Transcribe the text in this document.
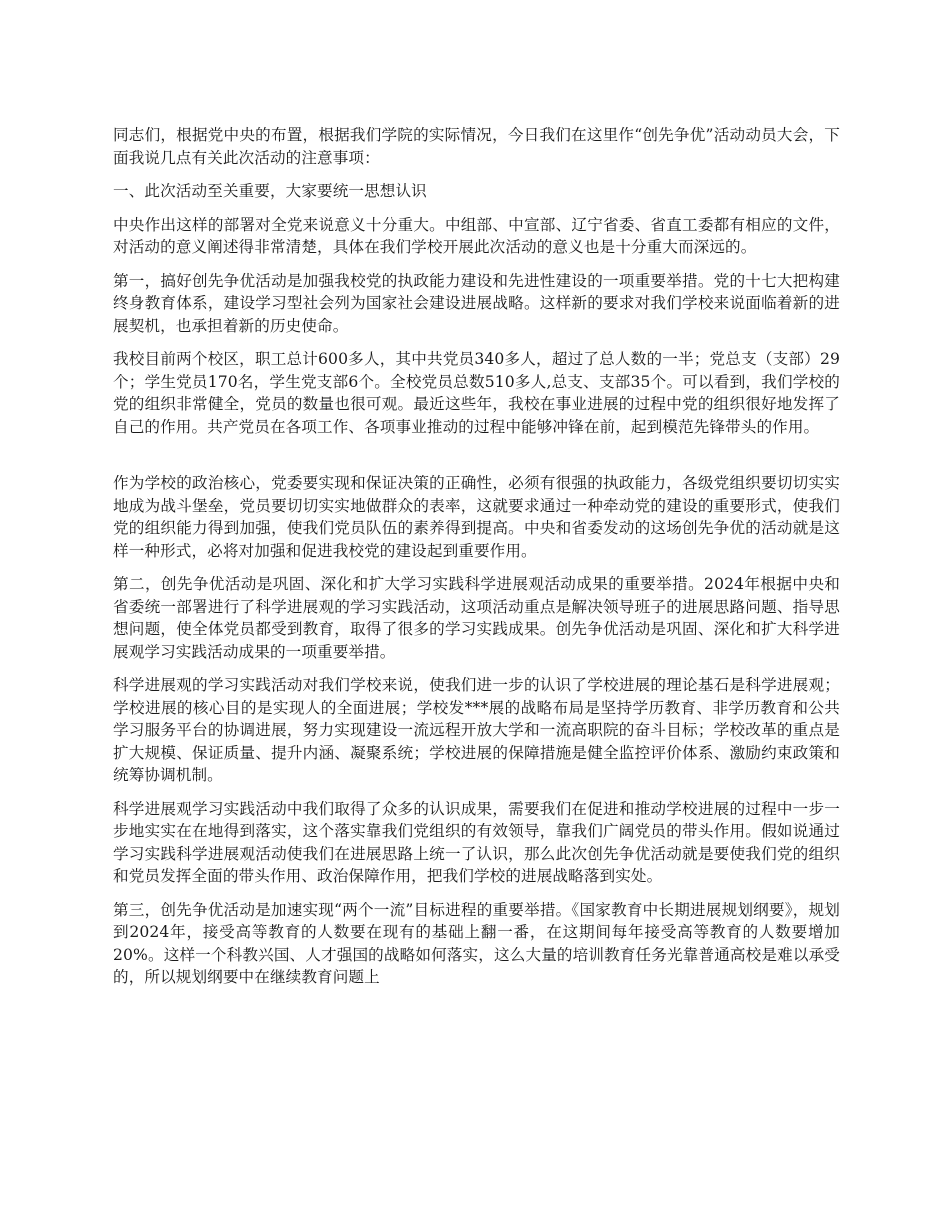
同志们，根据党中央的布置，根据我们学院的实际情况，今日我们在这里作“创先争优”活动动员大会，下面我说几点有关此次活动的注意事项：

一、此次活动至关重要，大家要统一思想认识

中央作出这样的部署对全党来说意义十分重大。中组部、中宣部、辽宁省委、省直工委都有相应的文件，对活动的意义阐述得非常清楚，具体在我们学校开展此次活动的意义也是十分重大而深远的。

第一，搞好创先争优活动是加强我校党的执政能力建设和先进性建设的一项重要举措。党的十七大把构建终身教育体系，建设学习型社会列为国家社会建设进展战略。这样新的要求对我们学校来说面临着新的进展契机，也承担着新的历史使命。

我校目前两个校区，职工总计600多人，其中共党员340多人，超过了总人数的一半；党总支（支部）29个；学生党员170名，学生党支部6个。全校党员总数510多人,总支、支部35个。可以看到，我们学校的党的组织非常健全，党员的数量也很可观。最近这些年，我校在事业进展的过程中党的组织很好地发挥了自己的作用。共产党员在各项工作、各项事业推动的过程中能够冲锋在前，起到模范先锋带头的作用。

作为学校的政治核心，党委要实现和保证决策的正确性，必须有很强的执政能力，各级党组织要切切实实地成为战斗堡垒，党员要切切实实地做群众的表率，这就要求通过一种牵动党的建设的重要形式，使我们党的组织能力得到加强，使我们党员队伍的素养得到提高。中央和省委发动的这场创先争优的活动就是这样一种形式，必将对加强和促进我校党的建设起到重要作用。

第二，创先争优活动是巩固、深化和扩大学习实践科学进展观活动成果的重要举措。2024年根据中央和省委统一部署进行了科学进展观的学习实践活动，这项活动重点是解决领导班子的进展思路问题、指导思想问题，使全体党员都受到教育，取得了很多的学习实践成果。创先争优活动是巩固、深化和扩大科学进展观学习实践活动成果的一项重要举措。

科学进展观的学习实践活动对我们学校来说，使我们进一步的认识了学校进展的理论基石是科学进展观；学校进展的核心目的是实现人的全面进展；学校发***展的战略布局是坚持学历教育、非学历教育和公共学习服务平台的协调进展，努力实现建设一流远程开放大学和一流高职院的奋斗目标；学校改革的重点是扩大规模、保证质量、提升内涵、凝聚系统；学校进展的保障措施是健全监控评价体系、激励约束政策和统筹协调机制。

科学进展观学习实践活动中我们取得了众多的认识成果，需要我们在促进和推动学校进展的过程中一步一步地实实在在地得到落实，这个落实靠我们党组织的有效领导，靠我们广阔党员的带头作用。假如说通过学习实践科学进展观活动使我们在进展思路上统一了认识，那么此次创先争优活动就是要使我们党的组织和党员发挥全面的带头作用、政治保障作用，把我们学校的进展战略落到实处。

第三，创先争优活动是加速实现“两个一流”目标进程的重要举措。《国家教育中长期进展规划纲要》，规划到2024年，接受高等教育的人数要在现有的基础上翻一番，在这期间每年接受高等教育的人数要增加20%。这样一个科教兴国、人才强国的战略如何落实，这么大量的培训教育任务光靠普通高校是难以承受的，所以规划纲要中在继续教育问题上
